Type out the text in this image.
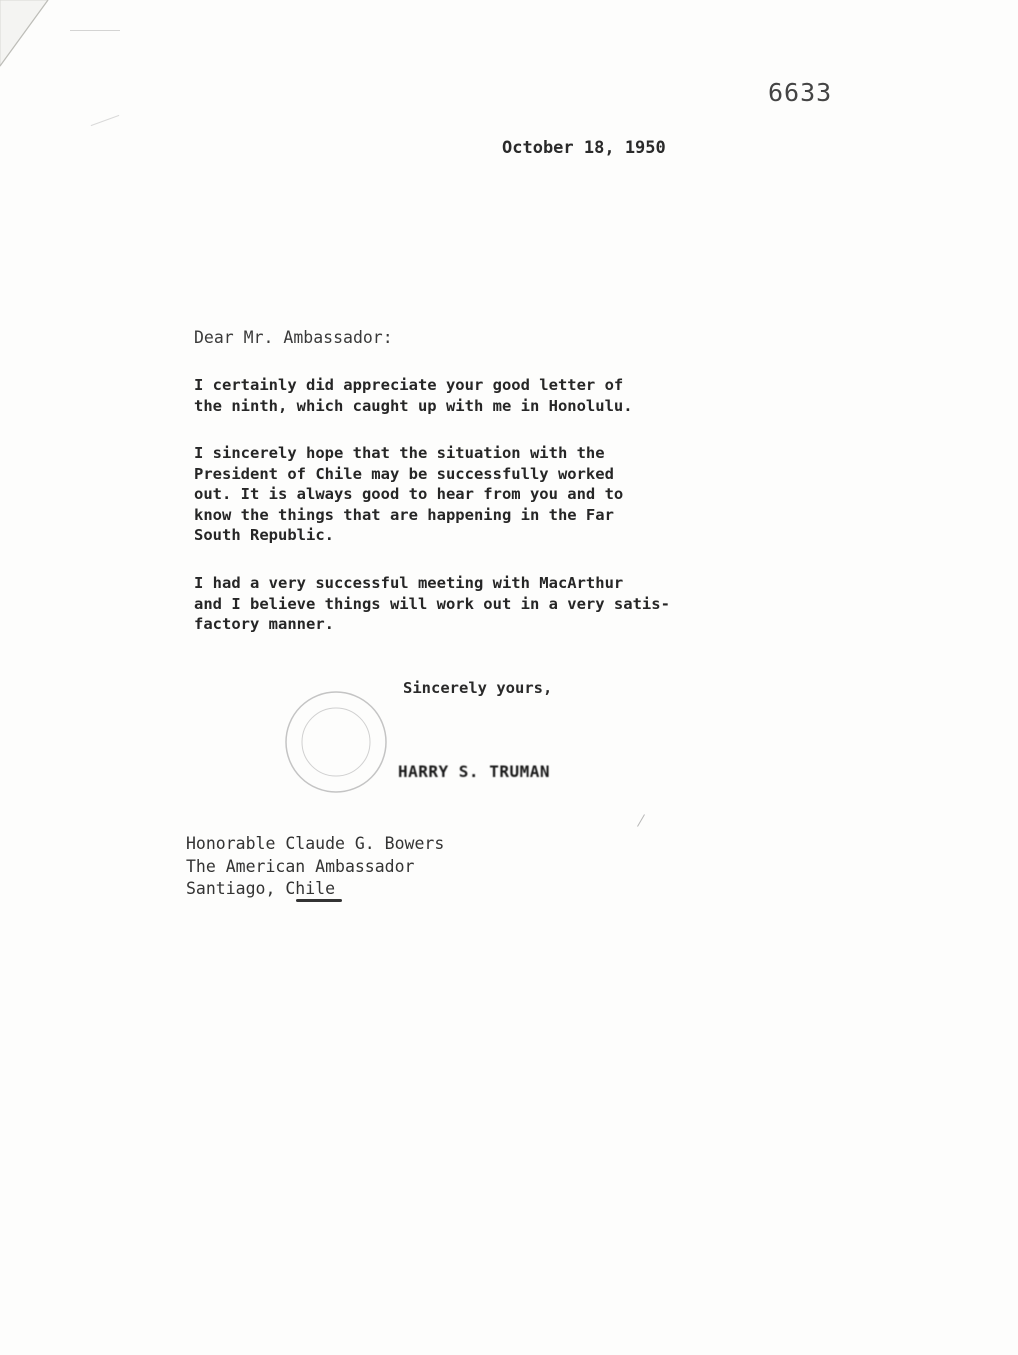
6633
October 18, 1950
Dear Mr. Ambassador:
I certainly did appreciate your good letter of
the ninth, which caught up with me in Honolulu.
I sincerely hope that the situation with the
President of Chile may be successfully worked
out. It is always good to hear from you and to
know the things that are happening in the Far
South Republic.
I had a very successful meeting with MacArthur
and I believe things will work out in a very satis-
factory manner.
Sincerely yours,
HARRY S. TRUMAN
Honorable Claude G. Bowers
The American Ambassador
Santiago, Chile
